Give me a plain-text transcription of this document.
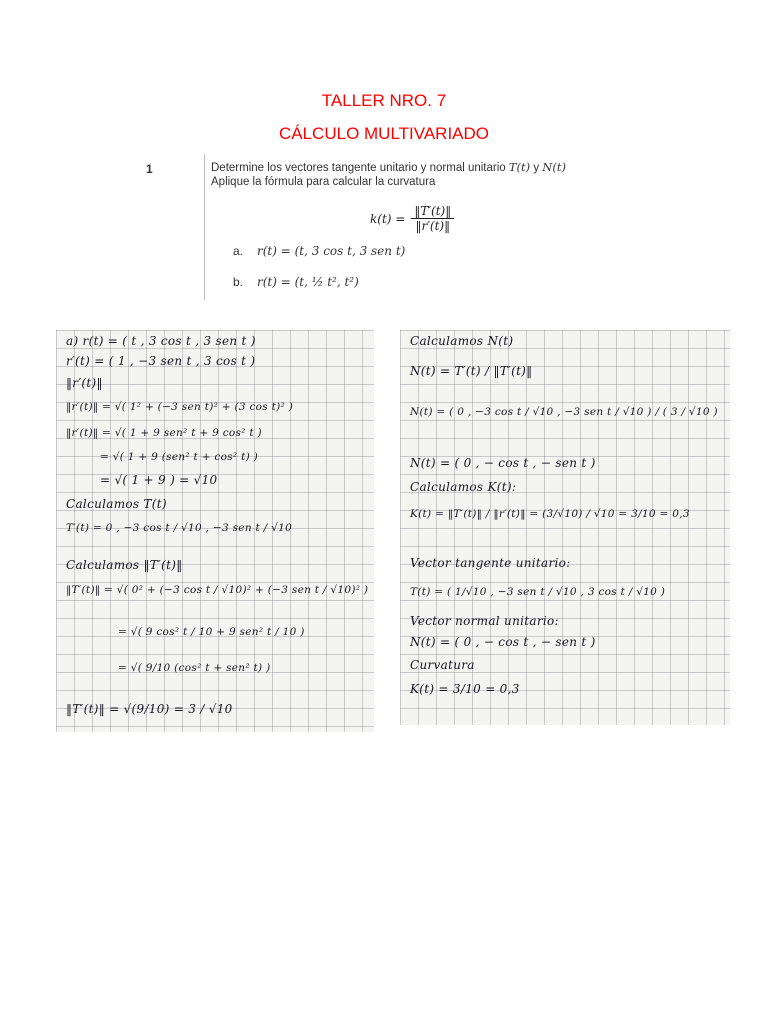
TALLER NRO. 7
CÁLCULO MULTIVARIADO
1	Determine los vectores tangente unitario y normal unitario T(t) y N(t)
Aplique la fórmula para calcular la curvatura
$k(t) = \frac{‖T'(t)‖}{‖r'(t)‖}$
a. r(t) = (t, 3 cos t, 3 sen t)
b. r(t) = (t, ½ t², t²)
a) r(t) = ( t , 3 cos t , 3 sen t )
r′(t) = ( 1 , −3 sen t , 3 cos t )
‖r′(t)‖
‖r′(t)‖ = √( 1² + (−3 sen t)² + (3 cos t)² )
‖r′(t)‖ = √( 1 + 9 sen² t + 9 cos² t )
= √( 1 + 9 (sen² t + cos² t) )
= √( 1 + 9 ) = √10
Calculamos T(t)
T′(t) = 0 , −3 cos t / √10 , −3 sen t / √10
Calculamos ‖T′(t)‖
‖T′(t)‖ = √( 0² + (−3 cos t / √10)² + (−3 sen t / √10)² )
= √( 9 cos² t / 10 + 9 sen² t / 10 )
= √( 9/10 (cos² t + sen² t) )
‖T′(t)‖ = √(9/10) = 3 / √10
Calculamos N(t)
N(t) = T′(t) / ‖T′(t)‖
N(t) = ( 0 , −3 cos t / √10 , −3 sen t / √10 ) / ( 3 / √10 )
N(t) = ( 0 , − cos t , − sen t )
Calculamos K(t):
K(t) = ‖T′(t)‖ / ‖r′(t)‖ = (3/√10) / √10 = 3/10 = 0,3
Vector tangente unitario:
T(t) = ( 1/√10 , −3 sen t / √10 , 3 cos t / √10 )
Vector normal unitario:
N(t) = ( 0 , − cos t , − sen t )
Curvatura
K(t) = 3/10 = 0,3
